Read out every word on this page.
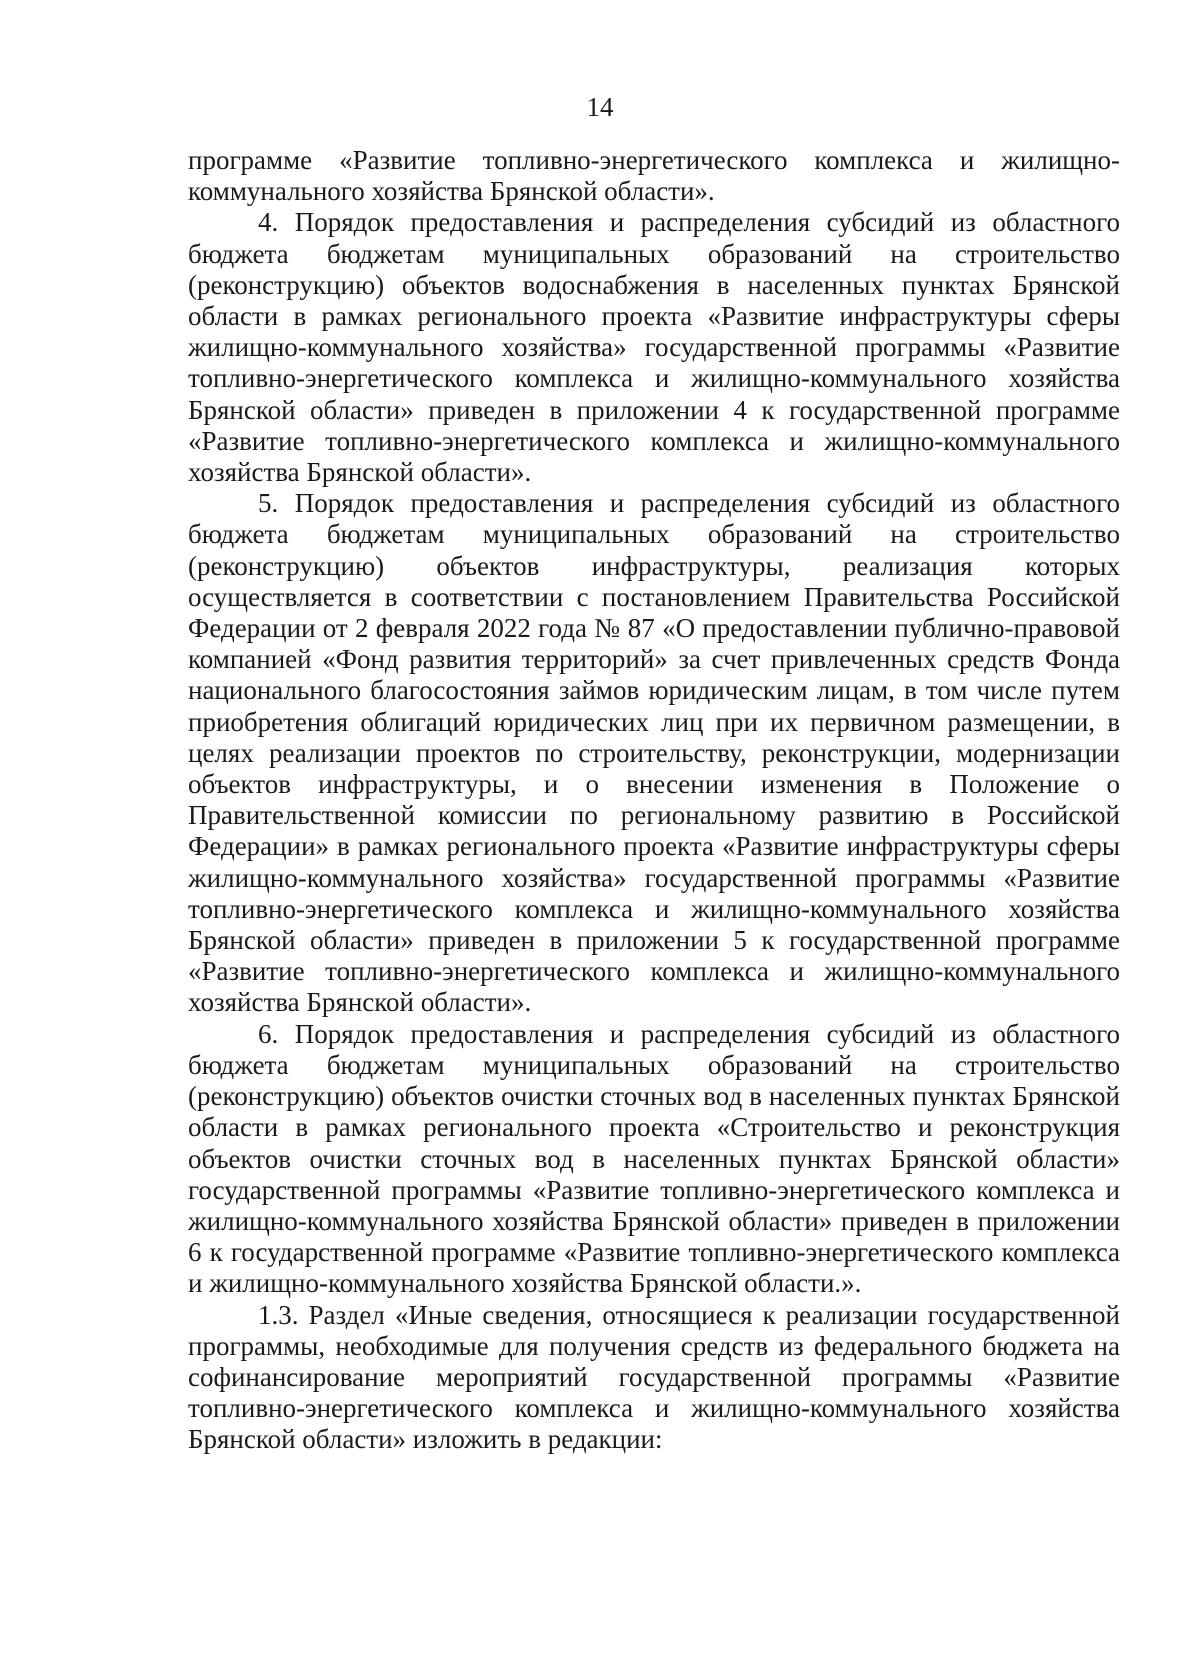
14

программе «Развитие топливно-энергетического комплекса и жилищно-коммунального хозяйства Брянской области».

4. Порядок предоставления и распределения субсидий из областного бюджета бюджетам муниципальных образований на строительство (реконструкцию) объектов водоснабжения в населенных пунктах Брянской области в рамках регионального проекта «Развитие инфраструктуры сферы жилищно-коммунального хозяйства» государственной программы «Развитие топливно-энергетического комплекса и жилищно-коммунального хозяйства Брянской области» приведен в приложении 4 к государственной программе «Развитие топливно-энергетического комплекса и жилищно-коммунального хозяйства Брянской области».

5. Порядок предоставления и распределения субсидий из областного бюджета бюджетам муниципальных образований на строительство (реконструкцию) объектов инфраструктуры, реализация которых осуществляется в соответствии с постановлением Правительства Российской Федерации от 2 февраля 2022 года № 87 «О предоставлении публично-правовой компанией «Фонд развития территорий» за счет привлеченных средств Фонда национального благосостояния займов юридическим лицам, в том числе путем приобретения облигаций юридических лиц при их первичном размещении, в целях реализации проектов по строительству, реконструкции, модернизации объектов инфраструктуры, и о внесении изменения в Положение о Правительственной комиссии по региональному развитию в Российской Федерации» в рамках регионального проекта «Развитие инфраструктуры сферы жилищно-коммунального хозяйства» государственной программы «Развитие топливно-энергетического комплекса и жилищно-коммунального хозяйства Брянской области» приведен в приложении 5 к государственной программе «Развитие топливно-энергетического комплекса и жилищно-коммунального хозяйства Брянской области».

6. Порядок предоставления и распределения субсидий из областного бюджета бюджетам муниципальных образований на строительство (реконструкцию) объектов очистки сточных вод в населенных пунктах Брянской области в рамках регионального проекта «Строительство и реконструкция объектов очистки сточных вод в населенных пунктах Брянской области» государственной программы «Развитие топливно-энергетического комплекса и жилищно-коммунального хозяйства Брянской области» приведен в приложении 6 к государственной программе «Развитие топливно-энергетического комплекса и жилищно-коммунального хозяйства Брянской области.».

1.3. Раздел «Иные сведения, относящиеся к реализации государственной программы, необходимые для получения средств из федерального бюджета на софинансирование мероприятий государственной программы «Развитие топливно-энергетического комплекса и жилищно-коммунального хозяйства Брянской области» изложить в редакции:
